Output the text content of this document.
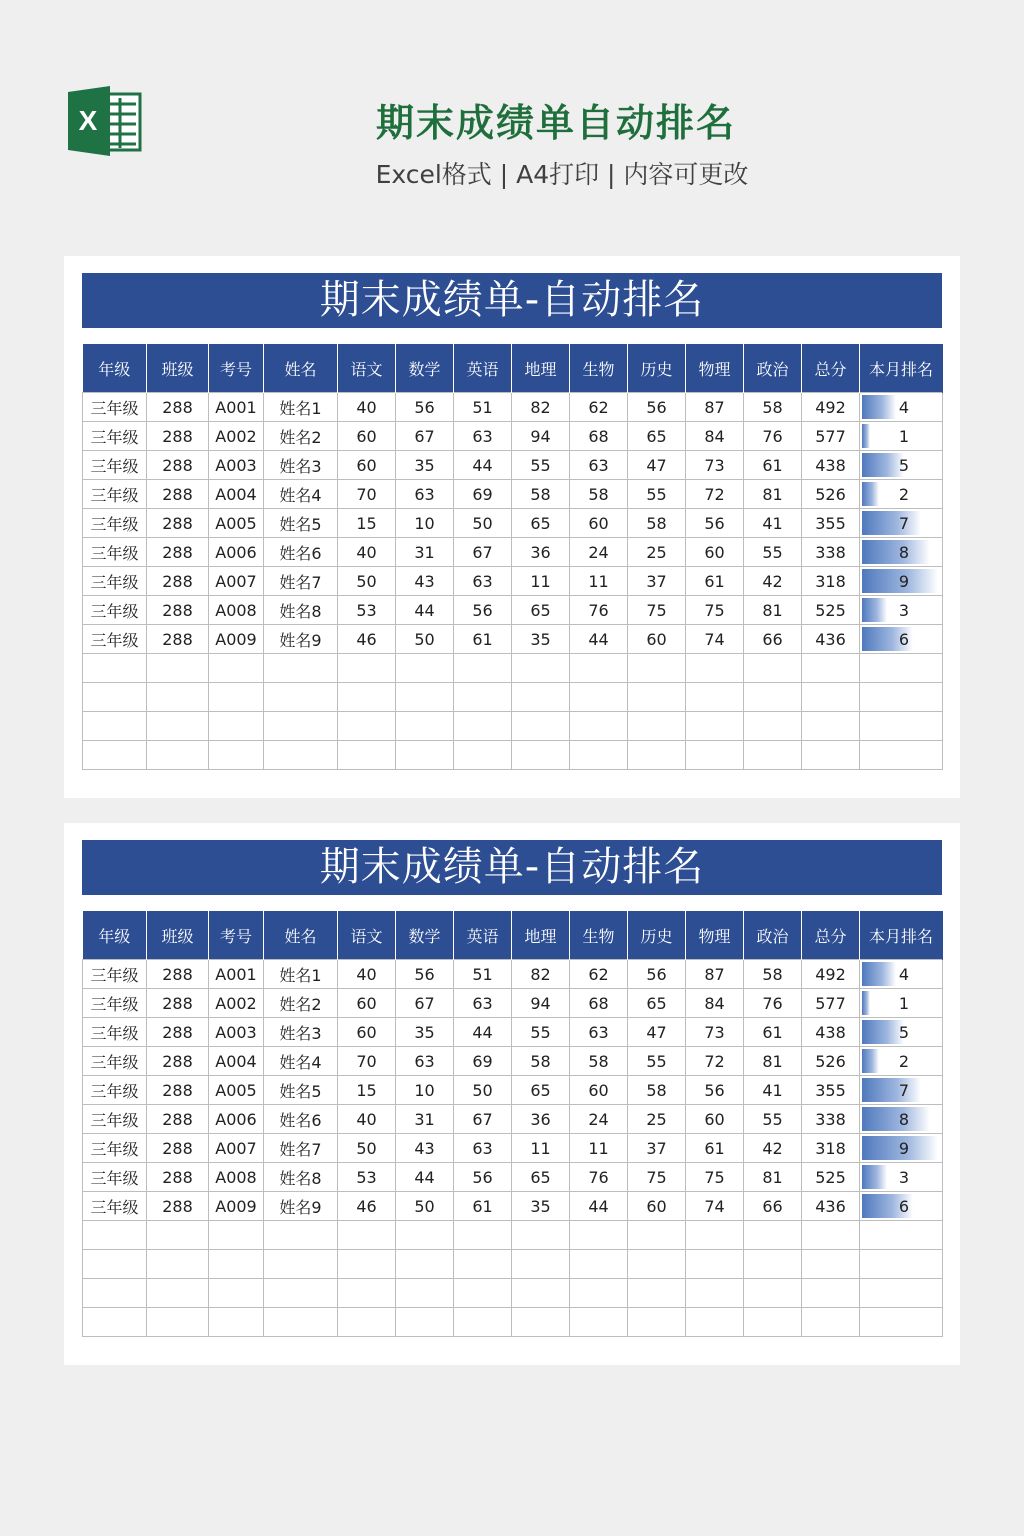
X	期末成绩单自动排名
Excel格式 | A4打印 | 内容可更改
期末成绩单-自动排名
年级	班级	考号	姓名	语文	数学	英语	地理	生物	历史	物理	政治	总分	本月排名
三年级	288	A001	姓名1	40	56	51	82	62	56	87	58	492	4
三年级	288	A002	姓名2	60	67	63	94	68	65	84	76	577	1
三年级	288	A003	姓名3	60	35	44	55	63	47	73	61	438	5
三年级	288	A004	姓名4	70	63	69	58	58	55	72	81	526	2
三年级	288	A005	姓名5	15	10	50	65	60	58	56	41	355	7
三年级	288	A006	姓名6	40	31	67	36	24	25	60	55	338	8
三年级	288	A007	姓名7	50	43	63	11	11	37	61	42	318	9
三年级	288	A008	姓名8	53	44	56	65	76	75	75	81	525	3
三年级	288	A009	姓名9	46	50	61	35	44	60	74	66	436	6

期末成绩单-自动排名
年级	班级	考号	姓名	语文	数学	英语	地理	生物	历史	物理	政治	总分	本月排名
三年级	288	A001	姓名1	40	56	51	82	62	56	87	58	492	4
三年级	288	A002	姓名2	60	67	63	94	68	65	84	76	577	1
三年级	288	A003	姓名3	60	35	44	55	63	47	73	61	438	5
三年级	288	A004	姓名4	70	63	69	58	58	55	72	81	526	2
三年级	288	A005	姓名5	15	10	50	65	60	58	56	41	355	7
三年级	288	A006	姓名6	40	31	67	36	24	25	60	55	338	8
三年级	288	A007	姓名7	50	43	63	11	11	37	61	42	318	9
三年级	288	A008	姓名8	53	44	56	65	76	75	75	81	525	3
三年级	288	A009	姓名9	46	50	61	35	44	60	74	66	436	6
